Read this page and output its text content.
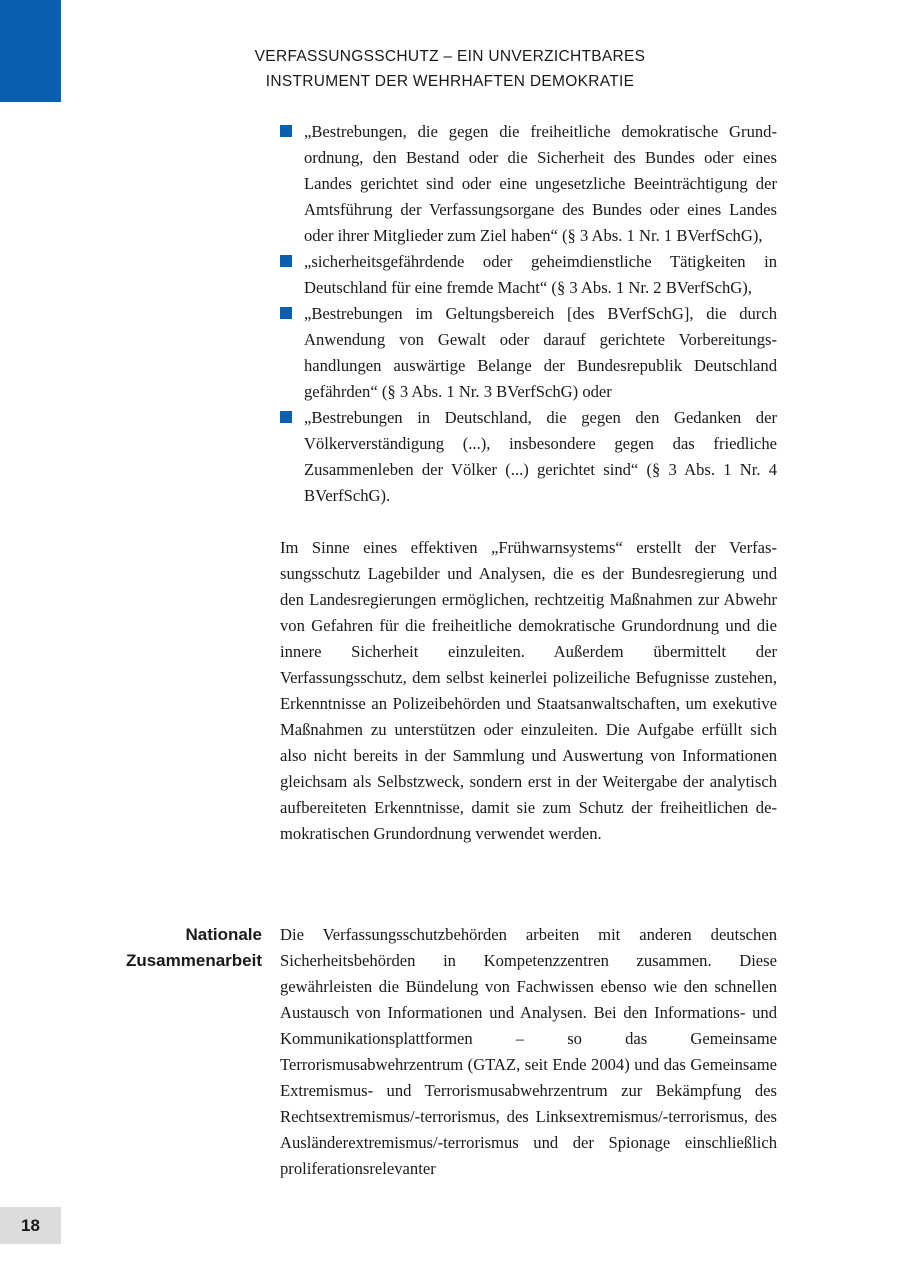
VERFASSUNGSSCHUTZ – EIN UNVERZICHTBARES
INSTRUMENT DER WEHRHAFTEN DEMOKRATIE
„Bestrebungen, die gegen die freiheitliche demokratische Grundordnung, den Bestand oder die Sicherheit des Bundes oder eines Landes gerichtet sind oder eine ungesetzliche Beeinträchtigung der Amtsführung der Verfassungsorgane des Bundes oder eines Landes oder ihrer Mitglieder zum Ziel haben“ (§ 3 Abs. 1 Nr. 1 BVerfSchG),
„sicherheitsgefährdende oder geheimdienstliche Tätigkeiten in Deutschland für eine fremde Macht“ (§ 3 Abs. 1 Nr. 2 BVerfSchG),
„Bestrebungen im Geltungsbereich [des BVerfSchG], die durch Anwendung von Gewalt oder darauf gerichtete Vorbereitungshandlungen auswärtige Belange der Bundesrepublik Deutschland gefährden“ (§ 3 Abs. 1 Nr. 3 BVerfSchG) oder
„Bestrebungen in Deutschland, die gegen den Gedanken der Völkerverständigung (...), insbesondere gegen das friedliche Zusammenleben der Völker (...) gerichtet sind“ (§ 3 Abs. 1 Nr. 4 BVerfSchG).

Im Sinne eines effektiven „Frühwarnsystems“ erstellt der Verfassungsschutz Lagebilder und Analysen, die es der Bundesregierung und den Landesregierungen ermöglichen, rechtzeitig Maßnahmen zur Abwehr von Gefahren für die freiheitliche demokratische Grundordnung und die innere Sicherheit einzuleiten. Außerdem übermittelt der Verfassungsschutz, dem selbst keinerlei polizeiliche Befugnisse zustehen, Erkenntnisse an Polizeibehörden und Staatsanwaltschaften, um exekutive Maßnahmen zu unterstützen oder einzuleiten. Die Aufgabe erfüllt sich also nicht bereits in der Sammlung und Auswertung von Informationen gleichsam als Selbstzweck, sondern erst in der Weitergabe der analytisch aufbereiteten Erkenntnisse, damit sie zum Schutz der freiheitlichen demokratischen Grundordnung verwendet werden.

Nationale
Zusammenarbeit

Die Verfassungsschutzbehörden arbeiten mit anderen deutschen Sicherheitsbehörden in Kompetenzzentren zusammen. Diese gewährleisten die Bündelung von Fachwissen ebenso wie den schnellen Austausch von Informationen und Analysen. Bei den Informations- und Kommunikationsplattformen – so das Gemeinsame Terrorismusabwehrzentrum (GTAZ, seit Ende 2004) und das Gemeinsame Extremismus- und Terrorismusabwehrzentrum zur Bekämpfung des Rechtsextremismus/-terrorismus, des Linksextremismus/-terrorismus, des Ausländerextremismus/-terrorismus und der Spionage einschließlich proliferationsrelevanter

18
